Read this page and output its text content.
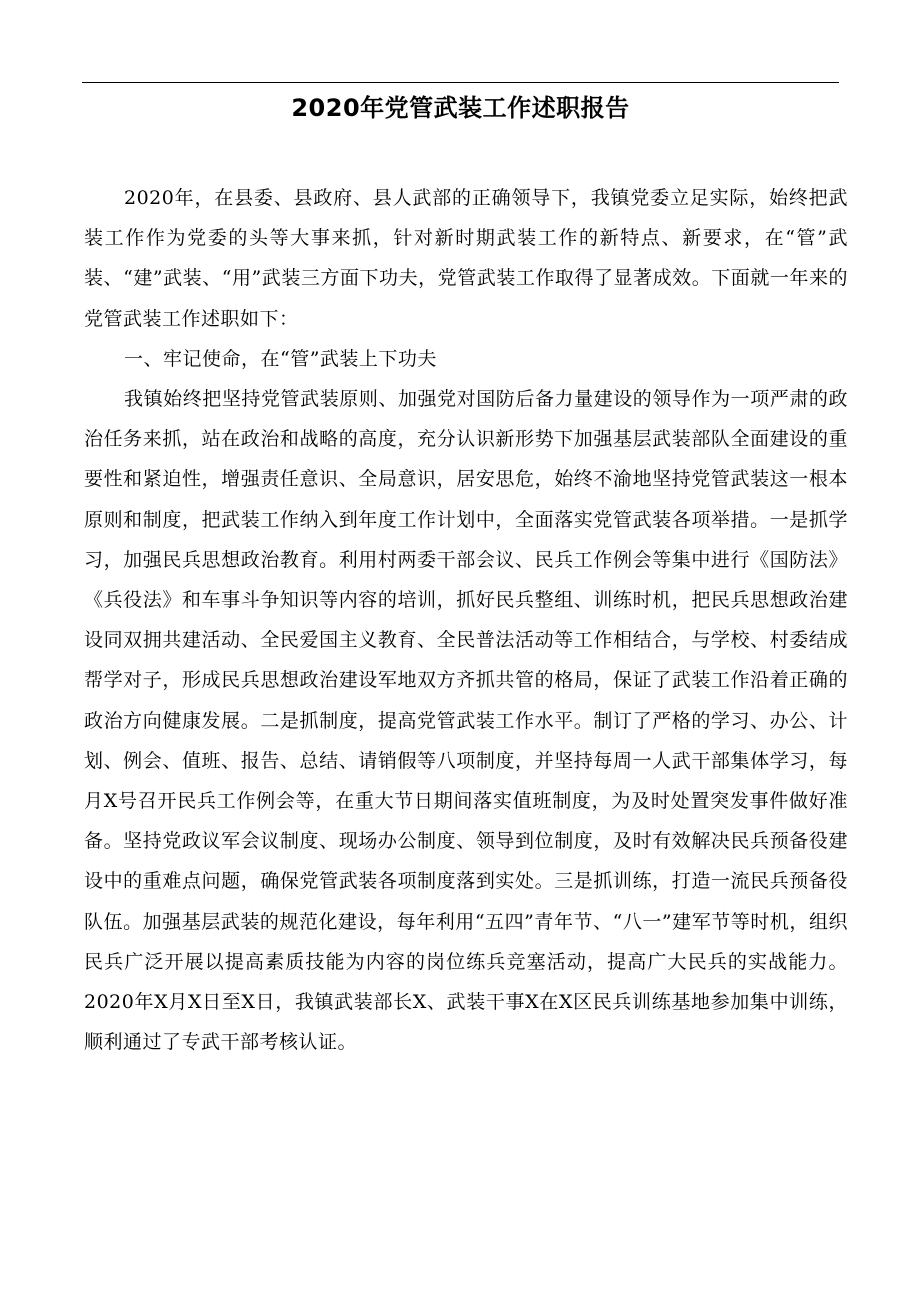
2020年党管武装工作述职报告

2020年，在县委、县政府、县人武部的正确领导下，我镇党委立足实际，始终把武装工作作为党委的头等大事来抓，针对新时期武装工作的新特点、新要求，在“管”武装、“建”武装、“用”武装三方面下功夫，党管武装工作取得了显著成效。下面就一年来的党管武装工作述职如下：

一、牢记使命，在“管”武装上下功夫

我镇始终把坚持党管武装原则、加强党对国防后备力量建设的领导作为一项严肃的政治任务来抓，站在政治和战略的高度，充分认识新形势下加强基层武装部队全面建设的重要性和紧迫性，增强责任意识、全局意识，居安思危，始终不渝地坚持党管武装这一根本原则和制度，把武装工作纳入到年度工作计划中，全面落实党管武装各项举措。一是抓学习，加强民兵思想政治教育。利用村两委干部会议、民兵工作例会等集中进行《国防法》《兵役法》和车事斗争知识等内容的培训，抓好民兵整组、训练时机，把民兵思想政治建设同双拥共建活动、全民爱国主义教育、全民普法活动等工作相结合，与学校、村委结成帮学对子，形成民兵思想政治建设军地双方齐抓共管的格局，保证了武装工作沿着正确的政治方向健康发展。二是抓制度，提高党管武装工作水平。制订了严格的学习、办公、计划、例会、值班、报告、总结、请销假等八项制度，并坚持每周一人武干部集体学习，每月X号召开民兵工作例会等，在重大节日期间落实值班制度，为及时处置突发事件做好准备。坚持党政议军会议制度、现场办公制度、领导到位制度，及时有效解决民兵预备役建设中的重难点问题，确保党管武装各项制度落到实处。三是抓训练，打造一流民兵预备役队伍。加强基层武装的规范化建设，每年利用“五四”青年节、“八一”建军节等时机，组织民兵广泛开展以提高素质技能为内容的岗位练兵竞塞活动，提高广大民兵的实战能力。2020年X月X日至X日，我镇武装部长X、武装干事X在X区民兵训练基地参加集中训练，顺利通过了专武干部考核认证。
